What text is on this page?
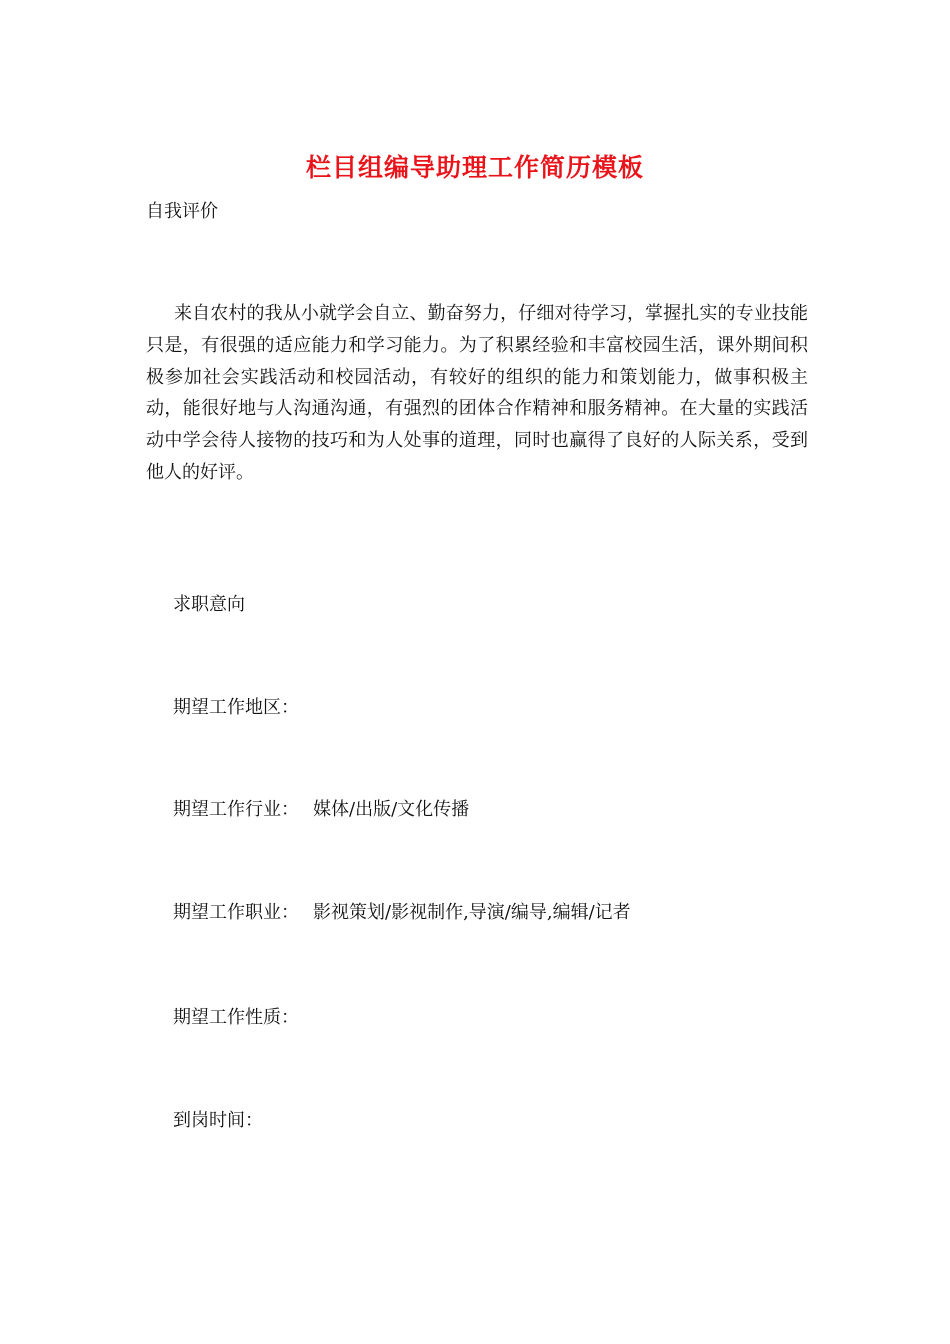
栏目组编导助理工作简历模板
自我评价

来自农村的我从小就学会自立、勤奋努力，仔细对待学习，掌握扎实的专业技能只是，有很强的适应能力和学习能力。为了积累经验和丰富校园生活，课外期间积极参加社会实践活动和校园活动，有较好的组织的能力和策划能力，做事积极主动，能很好地与人沟通沟通，有强烈的团体合作精神和服务精神。在大量的实践活动中学会待人接物的技巧和为人处事的道理，同时也赢得了良好的人际关系，受到他人的好评。

求职意向
期望工作地区：
期望工作行业： 媒体/出版/文化传播
期望工作职业： 影视策划/影视制作,导演/编导,编辑/记者
期望工作性质：
到岗时间：
